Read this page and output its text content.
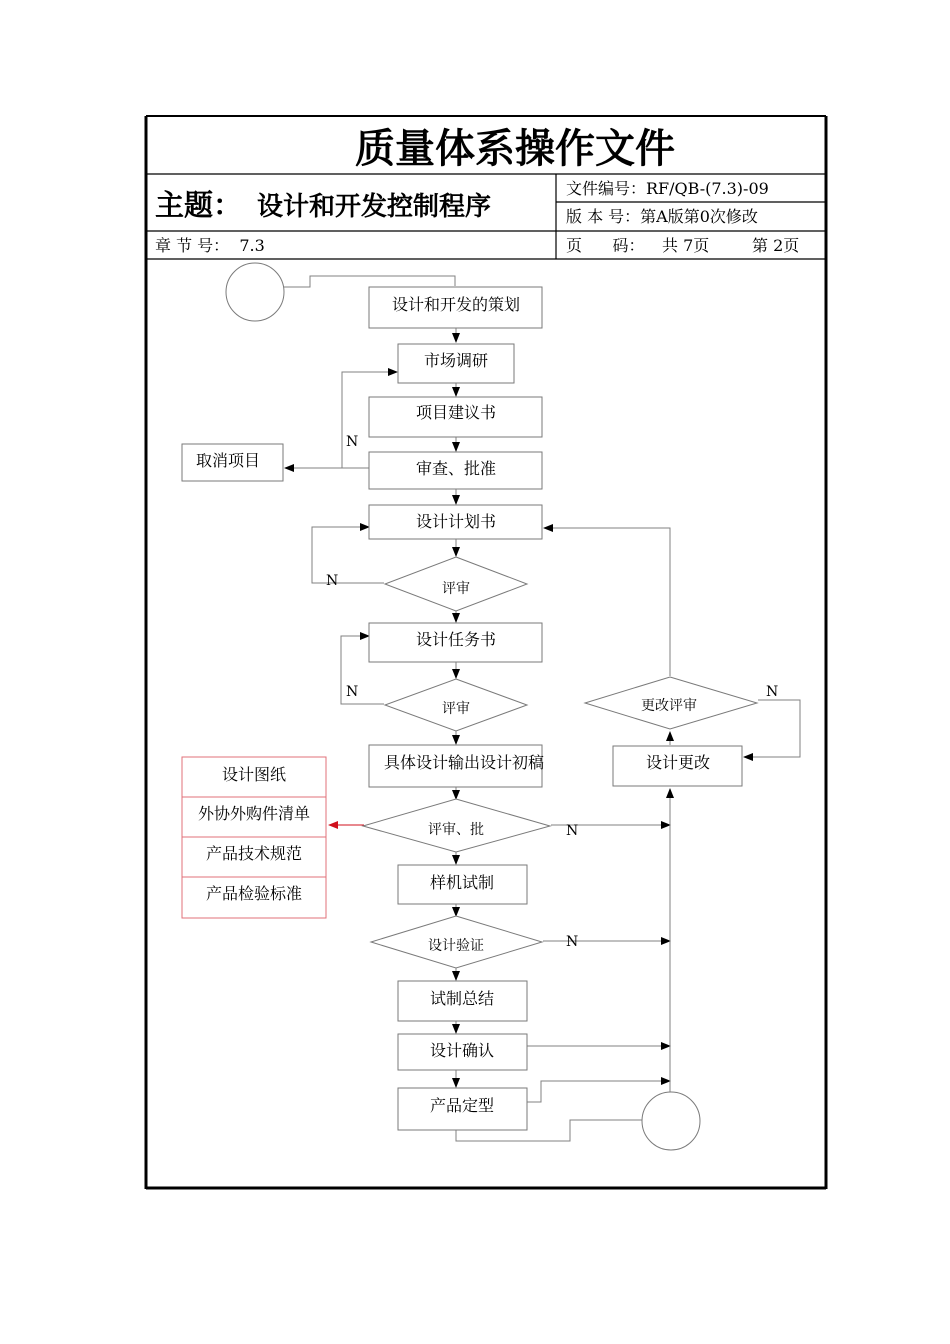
质量体系操作文件
主题： 设计和开发控制程序
文件编号：RF/QB-(7.3)-09
版 本 号：第A版第0次修改
章 节 号：  7.3	页      码： 共 7页	第 2页
设计和开发的策划
市场调研
项目建议书
审查、批准
取消项目
设计计划书
评审
设计任务书
评审
具体设计输出设计初稿
评审、批
样机试制
设计验证
试制总结
设计确认
产品定型
更改评审
设计更改
设计图纸
外协外购件清单
产品技术规范
产品检验标准
N
N
N
N
N
N
